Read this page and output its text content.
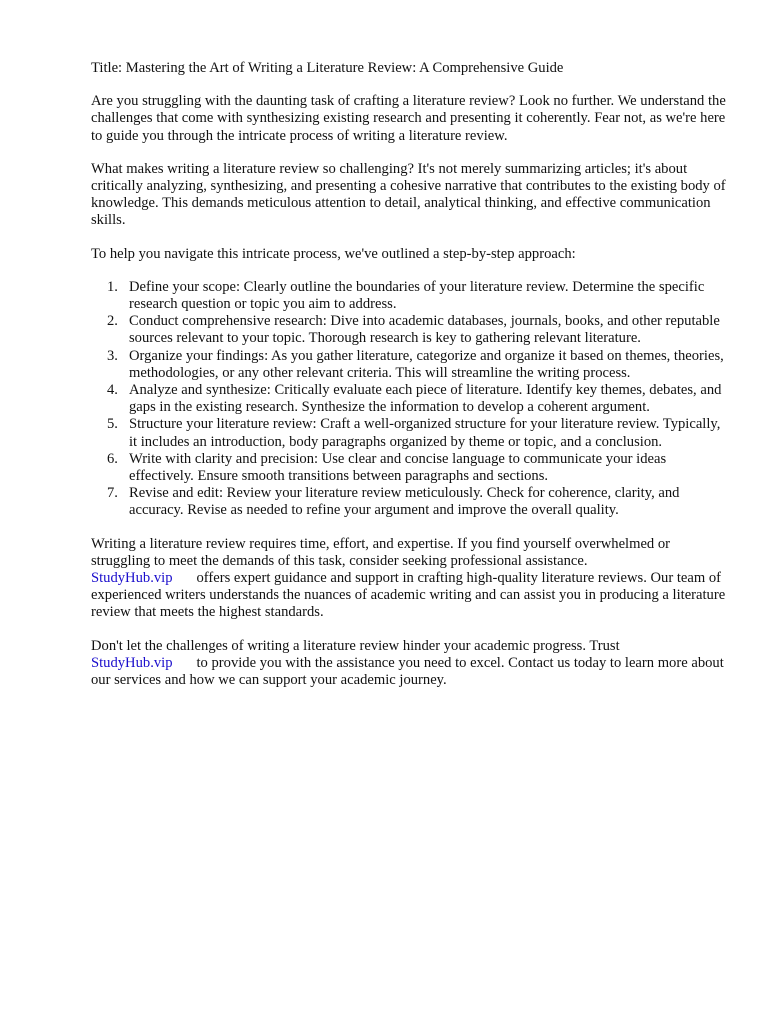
Title: Mastering the Art of Writing a Literature Review: A Comprehensive Guide

Are you struggling with the daunting task of crafting a literature review? Look no further. We understand the challenges that come with synthesizing existing research and presenting it coherently. Fear not, as we're here to guide you through the intricate process of writing a literature review.

What makes writing a literature review so challenging? It's not merely summarizing articles; it's about critically analyzing, synthesizing, and presenting a cohesive narrative that contributes to the existing body of knowledge. This demands meticulous attention to detail, analytical thinking, and effective communication skills.

To help you navigate this intricate process, we've outlined a step-by-step approach:

1. Define your scope: Clearly outline the boundaries of your literature review. Determine the specific research question or topic you aim to address.
2. Conduct comprehensive research: Dive into academic databases, journals, books, and other reputable sources relevant to your topic. Thorough research is key to gathering relevant literature.
3. Organize your findings: As you gather literature, categorize and organize it based on themes, theories, methodologies, or any other relevant criteria. This will streamline the writing process.
4. Analyze and synthesize: Critically evaluate each piece of literature. Identify key themes, debates, and gaps in the existing research. Synthesize the information to develop a coherent argument.
5. Structure your literature review: Craft a well-organized structure for your literature review. Typically, it includes an introduction, body paragraphs organized by theme or topic, and a conclusion.
6. Write with clarity and precision: Use clear and concise language to communicate your ideas effectively. Ensure smooth transitions between paragraphs and sections.
7. Revise and edit: Review your literature review meticulously. Check for coherence, clarity, and accuracy. Revise as needed to refine your argument and improve the overall quality.

Writing a literature review requires time, effort, and expertise. If you find yourself overwhelmed or struggling to meet the demands of this task, consider seeking professional assistance.
StudyHub.vip offers expert guidance and support in crafting high-quality literature reviews. Our team of experienced writers understands the nuances of academic writing and can assist you in producing a literature review that meets the highest standards.

Don't let the challenges of writing a literature review hinder your academic progress. Trust
StudyHub.vip to provide you with the assistance you need to excel. Contact us today to learn more about our services and how we can support your academic journey.
